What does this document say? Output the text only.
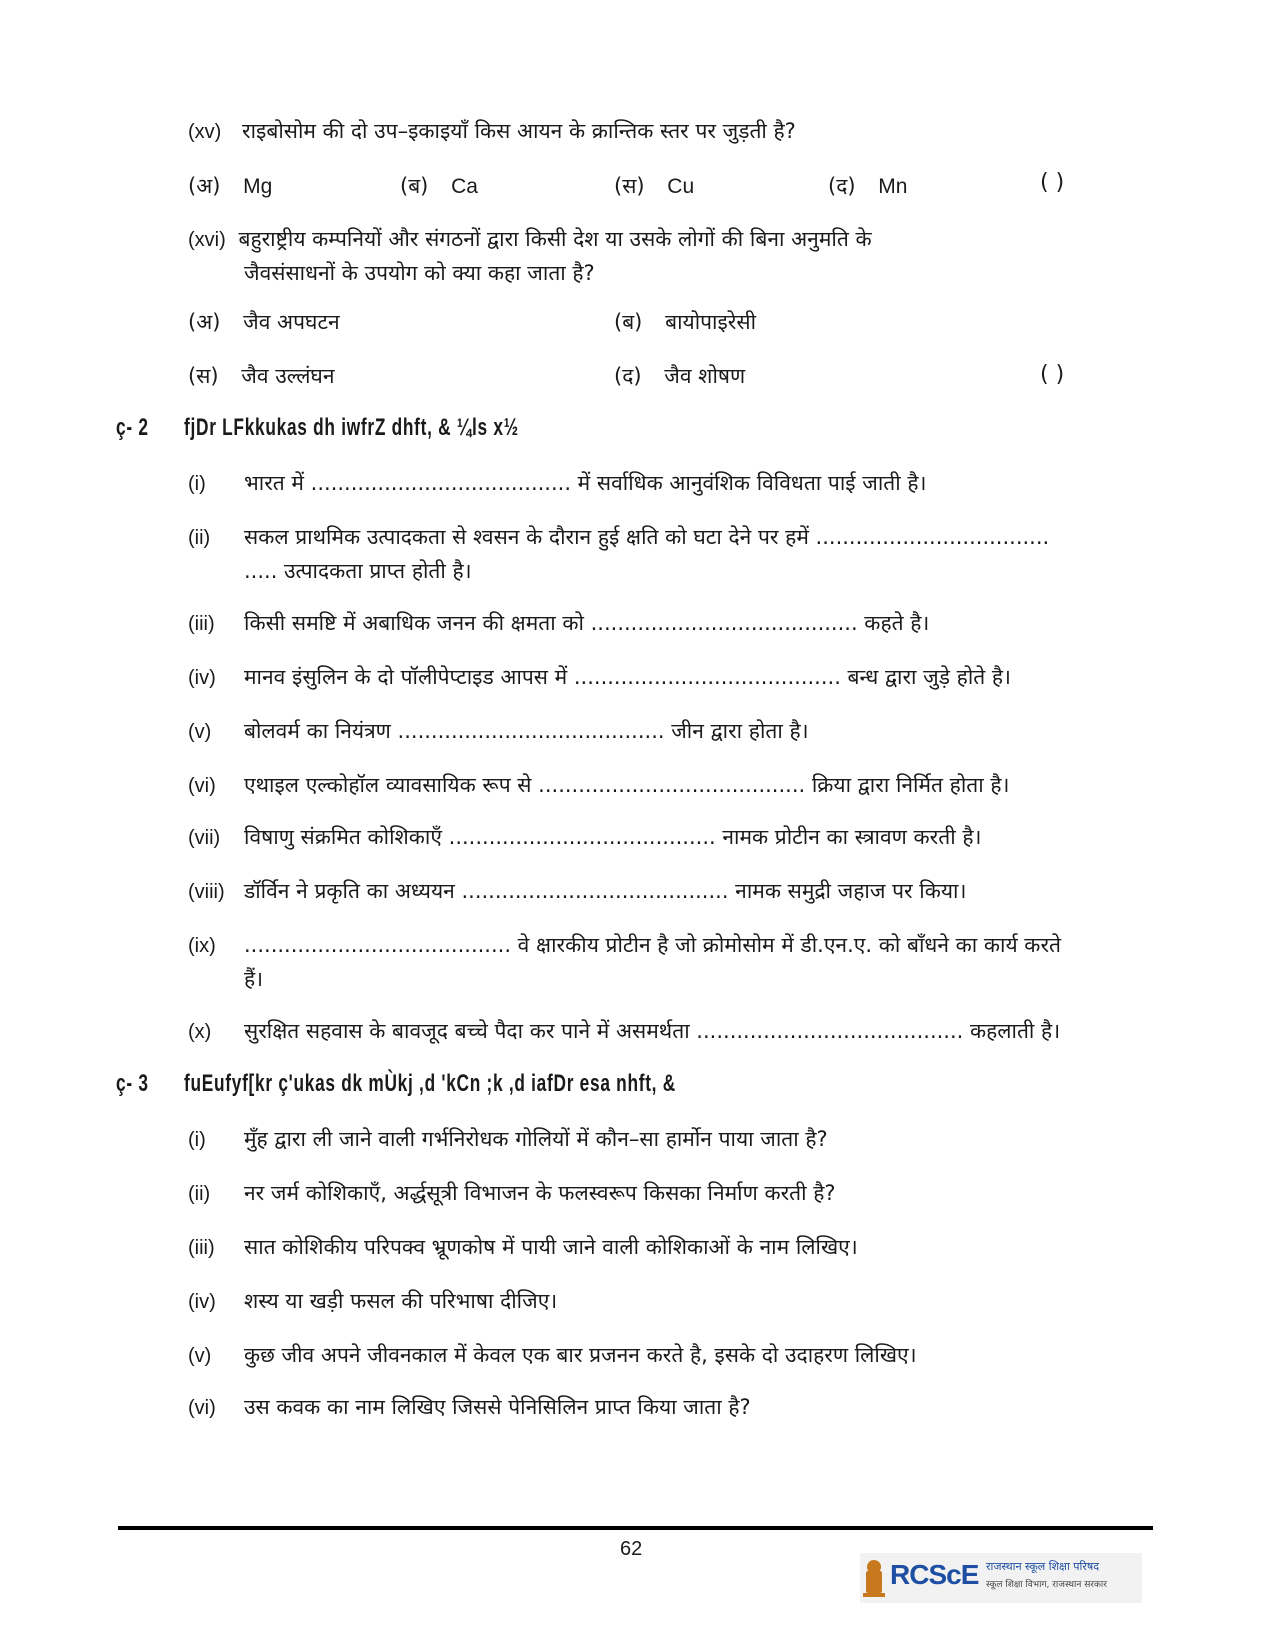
(xv) राइबोसोम की दो उप–इकाइयाँ किस आयन के क्रान्तिक स्तर पर जुड़ती है?
(अ) Mg	(ब) Ca	(स) Cu	(द) Mn	( )
(xvi) बहुराष्ट्रीय कम्पनियों और संगठनों द्वारा किसी देश या उसके लोगों की बिना अनुमति के
जैवसंसाधनों के उपयोग को क्या कहा जाता है?
(अ) जैव अपघटन	(ब) बायोपाइरेसी
(स) जैव उल्लंघन	(द) जैव शोषण	( )
ç- 2 fjDr LFkkukas dh iwfrZ dhft, & ¼ls x½
(i) भारत में ....................................... में सर्वाधिक आनुवंशिक विविधता पाई जाती है।
(ii) सकल प्राथमिक उत्पादकता से श्वसन के दौरान हुई क्षति को घटा देने पर हमें ...................................
..... उत्पादकता प्राप्त होती है।
(iii) किसी समष्टि में अबाधिक जनन की क्षमता को ........................................ कहते है।
(iv) मानव इंसुलिन के दो पॉलीपेप्टाइड आपस में ........................................ बन्ध द्वारा जुड़े होते है।
(v) बोलवर्म का नियंत्रण ........................................ जीन द्वारा होता है।
(vi) एथाइल एल्कोहॉल व्यावसायिक रूप से ........................................ क्रिया द्वारा निर्मित होता है।
(vii) विषाणु संक्रमित कोशिकाएँ ........................................ नामक प्रोटीन का स्त्रावण करती है।
(viii) डॉर्विन ने प्रकृति का अध्ययन ........................................ नामक समुद्री जहाज पर किया।
(ix) ........................................ वे क्षारकीय प्रोटीन है जो क्रोमोसोम में डी.एन.ए. को बाँधने का कार्य करते
हैं।
(x) सुरक्षित सहवास के बावजूद बच्चे पैदा कर पाने में असमर्थता ........................................ कहलाती है।
ç- 3 fuEufyf[kr ç'ukas dk mÙkj ,d 'kCn ;k ,d iafDr esa nhft, &
(i) मुँह द्वारा ली जाने वाली गर्भनिरोधक गोलियों में कौन–सा हार्मोन पाया जाता है?
(ii) नर जर्म कोशिकाएँ, अर्द्धसूत्री विभाजन के फलस्वरूप किसका निर्माण करती है?
(iii) सात कोशिकीय परिपक्व भ्रूणकोष में पायी जाने वाली कोशिकाओं के नाम लिखिए।
(iv) शस्य या खड़ी फसल की परिभाषा दीजिए।
(v) कुछ जीव अपने जीवनकाल में केवल एक बार प्रजनन करते है, इसके दो उदाहरण लिखिए।
(vi) उस कवक का नाम लिखिए जिससे पेनिसिलिन प्राप्त किया जाता है?
62
RCScE राजस्थान स्कूल शिक्षा परिषद
स्कूल शिक्षा विभाग, राजस्थान सरकार
